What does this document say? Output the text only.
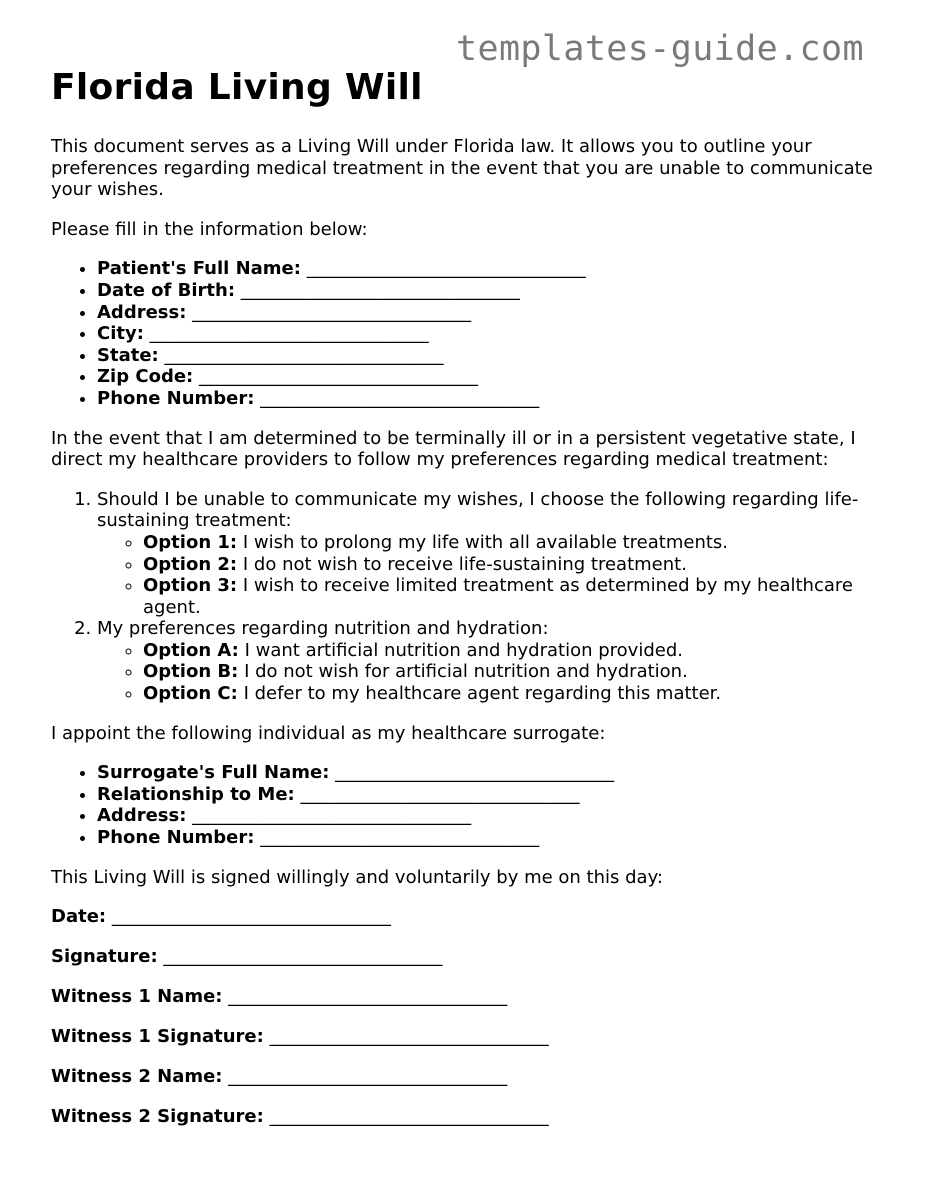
templates-guide.com
Florida Living Will

This document serves as a Living Will under Florida law. It allows you to outline your preferences regarding medical treatment in the event that you are unable to communicate your wishes.

Please fill in the information below:

• Patient's Full Name: _______________________________
• Date of Birth: _______________________________
• Address: _______________________________
• City: _______________________________
• State: _______________________________
• Zip Code: _______________________________
• Phone Number: _______________________________

In the event that I am determined to be terminally ill or in a persistent vegetative state, I direct my healthcare providers to follow my preferences regarding medical treatment:

1. Should I be unable to communicate my wishes, I choose the following regarding life-sustaining treatment:
◦ Option 1: I wish to prolong my life with all available treatments.
◦ Option 2: I do not wish to receive life-sustaining treatment.
◦ Option 3: I wish to receive limited treatment as determined by my healthcare agent.
2. My preferences regarding nutrition and hydration:
◦ Option A: I want artificial nutrition and hydration provided.
◦ Option B: I do not wish for artificial nutrition and hydration.
◦ Option C: I defer to my healthcare agent regarding this matter.

I appoint the following individual as my healthcare surrogate:

• Surrogate's Full Name: _______________________________
• Relationship to Me: _______________________________
• Address: _______________________________
• Phone Number: _______________________________

This Living Will is signed willingly and voluntarily by me on this day:

Date: _______________________________
Signature: _______________________________
Witness 1 Name: _______________________________
Witness 1 Signature: _______________________________
Witness 2 Name: _______________________________
Witness 2 Signature: _______________________________
